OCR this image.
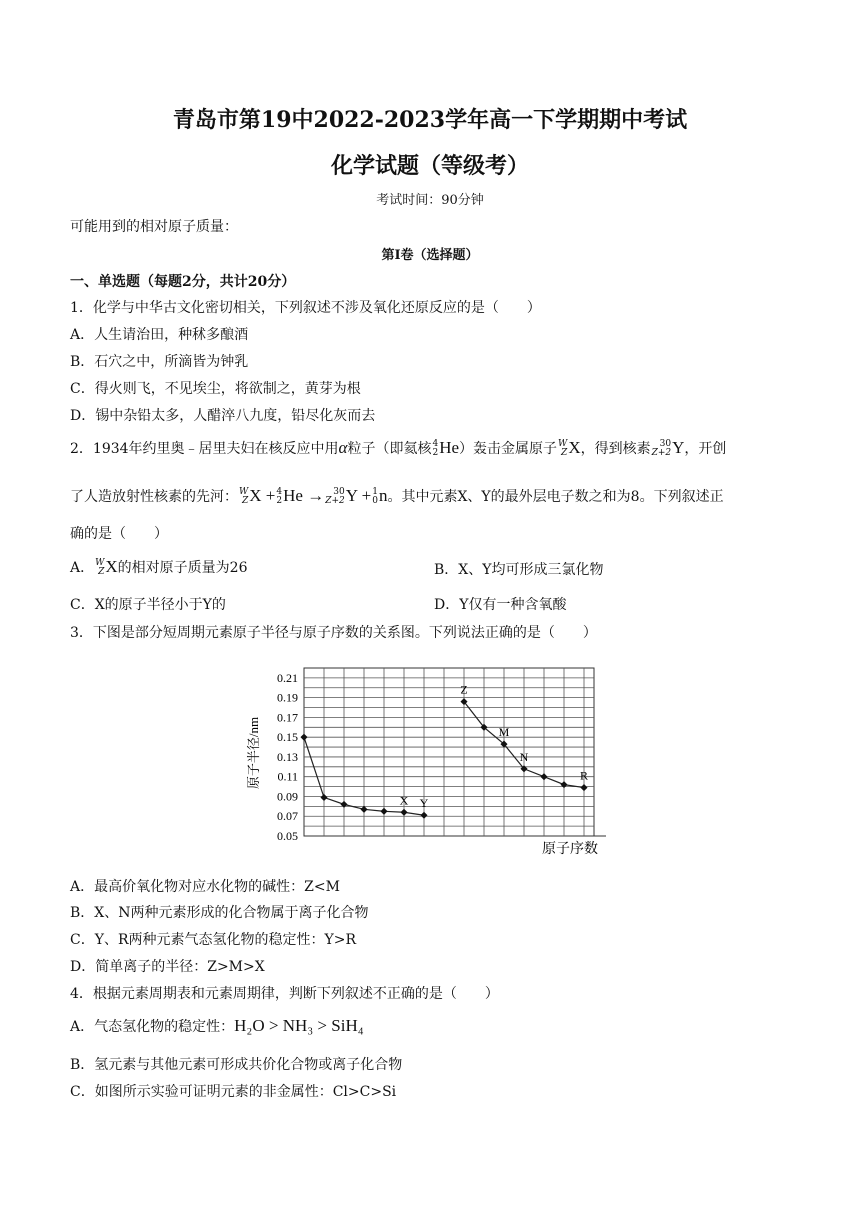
青岛市第19中2022-2023学年高一下学期期中考试
化学试题（等级考）
考试时间：90分钟
可能用到的相对原子质量：
第Ⅰ卷（选择题）
一、单选题（每题2分，共计20分）
1．化学与中华古文化密切相关，下列叙述不涉及氧化还原反应的是（　　）
A．人生请治田，种秫多酿酒
B．石穴之中，所滴皆为钟乳
C．得火则飞，不见埃尘，将欲制之，黄芽为根
D．锡中杂铅太多，人醋淬八九度，铅尽化灰而去
2．1934年约里奥﹣居里夫妇在核反应中用α粒子（即氦核 4
2 He）轰击金属原子 W
Z X，得到核素	30
Z+2 Y，开创
了人造放射性核素的先河： W
Z X + 4
2 He →	30
Z+2 Y + 1
0 n。其中元素X、Y的最外层电子数之和为8。下列叙述正
确的是（　　）
A． W
Z X的相对原子质量为26	B．X、Y均可形成三氯化物
C．X的原子半径小于Y的	D．Y仅有一种含氧酸
3．下图是部分短周期元素原子半径与原子序数的关系图。下列说法正确的是（　　）
0.21
0.19
0.17
0.15
0.13
0.11
0.09
0.07
0.05
X Y
Z
M
N
R
原子半径/nm
原子序数
A．最高价氧化物对应水化物的碱性：Z<M
B．X、N两种元素形成的化合物属于离子化合物
C．Y、R两种元素气态氢化物的稳定性：Y>R
D．简单离子的半径：Z>M>X
4．根据元素周期表和元素周期律，判断下列叙述不正确的是（　　）
A．气态氢化物的稳定性：H₂O > NH₃ > SiH₄
B．氢元素与其他元素可形成共价化合物或离子化合物
C．如图所示实验可证明元素的非金属性：Cl>C>Si
